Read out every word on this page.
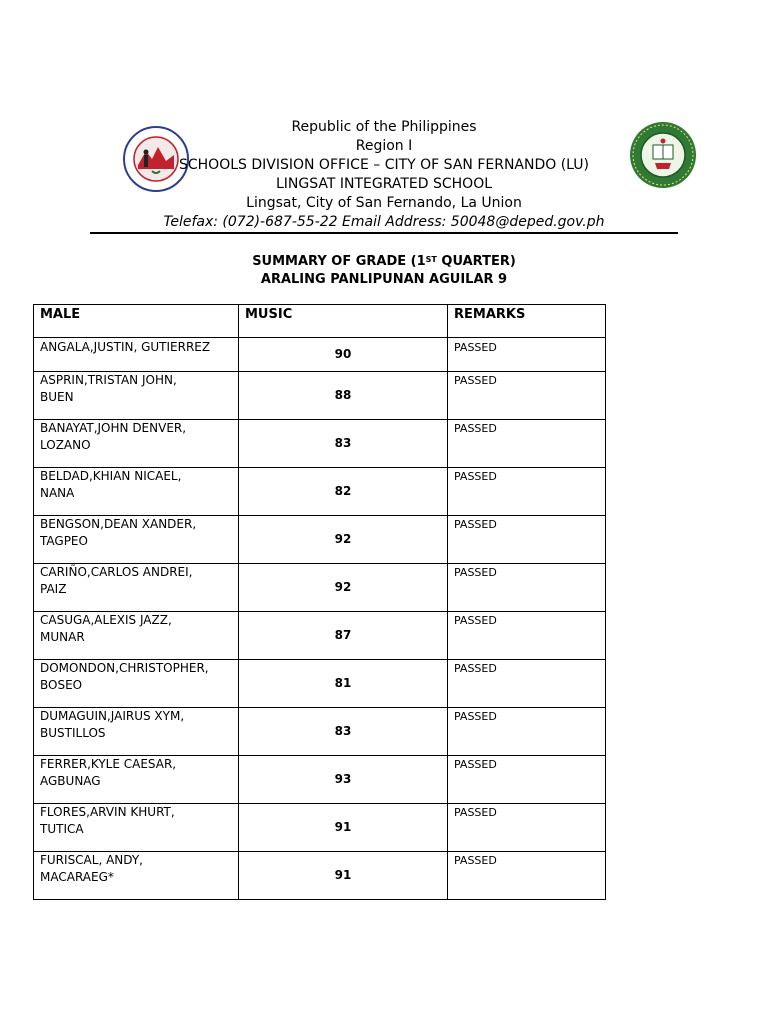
Republic of the Philippines
Region I
SCHOOLS DIVISION OFFICE – CITY OF SAN FERNANDO (LU)
LINGSAT INTEGRATED SCHOOL
Lingsat, City of San Fernando, La Union
Telefax: (072)-687-55-22 Email Address: 50048@deped.gov.ph
SUMMARY OF GRADE (1ST QUARTER)
ARALING PANLIPUNAN AGUILAR 9
MALE	MUSIC	REMARKS

ANGALA,JUSTIN, GUTIERREZ	90	PASSED

ASPRIN,TRISTAN JOHN,
BUEN	88	PASSED

BANAYAT,JOHN DENVER,
LOZANO	83	PASSED

BELDAD,KHIAN NICAEL,
NANA	82	PASSED

BENGSON,DEAN XANDER,
TAGPEO	92	PASSED

CARIÑO,CARLOS ANDREI,
PAIZ	92	PASSED

CASUGA,ALEXIS JAZZ,
MUNAR	87	PASSED

DOMONDON,CHRISTOPHER,
BOSEO	81	PASSED

DUMAGUIN,JAIRUS XYM,
BUSTILLOS	83	PASSED

FERRER,KYLE CAESAR,
AGBUNAG	93	PASSED

FLORES,ARVIN KHURT,
TUTICA	91	PASSED

FURISCAL, ANDY,
MACARAEG*	91	PASSED
